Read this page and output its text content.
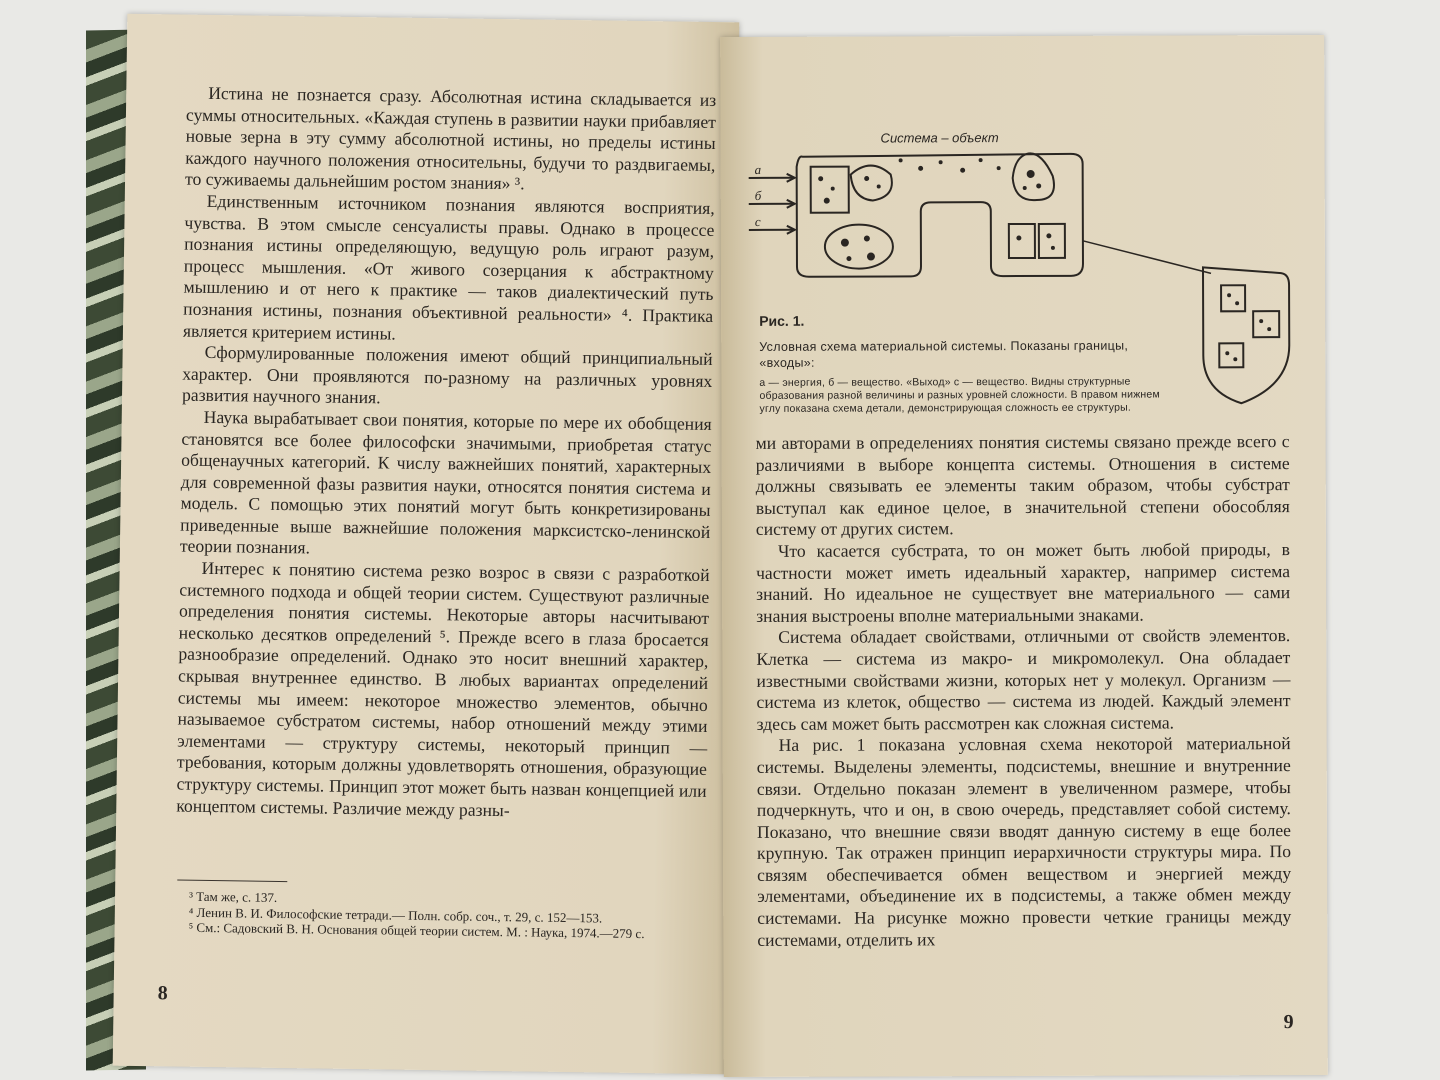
Истина не познается сразу. Абсолютная истина складывается из суммы относительных. «Каждая ступень в развитии науки прибавляет новые зерна в эту сумму абсолютной истины, но пределы истины каждого научного положения относительны, будучи то раздвигаемы, то суживаемы дальнейшим ростом знания» ³.

Единственным источником познания являются восприятия, чувства. В этом смысле сенсуалисты правы. Однако в процессе познания истины определяющую, ведущую роль играют разум, процесс мышления. «От живого созерцания к абстрактному мышлению и от него к практике — таков диалектический путь познания истины, познания объективной реальности» ⁴. Практика является критерием истины.

Сформулированные положения имеют общий принципиальный характер. Они проявляются по-разному на различных уровнях развития научного знания.

Наука вырабатывает свои понятия, которые по мере их обобщения становятся все более философски значимыми, приобретая статус общенаучных категорий. К числу важнейших понятий, характерных для современной фазы развития науки, относятся понятия система и модель. С помощью этих понятий могут быть конкретизированы приведенные выше важнейшие положения марксистско-ленинской теории познания.

Интерес к понятию система резко возрос в связи с разработкой системного подхода и общей теории систем. Существуют различные определения понятия системы. Некоторые авторы насчитывают несколько десятков определений ⁵. Прежде всего в глаза бросается разнообразие определений. Однако это носит внешний характер, скрывая внутреннее единство. В любых вариантах определений системы мы имеем: некоторое множество элементов, обычно называемое субстратом системы, набор отношений между этими элементами — структуру системы, некоторый принцип — требования, которым должны удовлетворять отношения, образующие структуру системы. Принцип этот может быть назван концепцией или концептом системы. Различие между разны-

³ Там же, с. 137.

⁴ Ленин В. И. Философские тетради.— Полн. собр. соч., т. 29, с. 152—153.

⁵ См.: Садовский В. Н. Основания общей теории систем. М. : Наука, 1974.—279 с.

8
Система – объект
а
б
с
Рис. 1.
Условная схема материальной системы. Показаны границы, «входы»:
а — энергия, б — вещество. «Выход» с — вещество. Видны структурные образования разной величины и разных уровней сложности. В правом нижнем углу показана схема детали, демонстрирующая сложность ее структуры.

ми авторами в определениях понятия системы связано прежде всего с различиями в выборе концепта системы. Отношения в системе должны связывать ее элементы таким образом, чтобы субстрат выступал как единое целое, в значительной степени обособляя систему от других систем.

Что касается субстрата, то он может быть любой природы, в частности может иметь идеальный характер, например система знаний. Но идеальное не существует вне материального — сами знания выстроены вполне материальными знаками.

Система обладает свойствами, отличными от свойств элементов. Клетка — система из макро- и микромолекул. Она обладает известными свойствами жизни, которых нет у молекул. Организм — система из клеток, общество — система из людей. Каждый элемент здесь сам может быть рассмотрен как сложная система.

На рис. 1 показана условная схема некоторой материальной системы. Выделены элементы, подсистемы, внешние и внутренние связи. Отдельно показан элемент в увеличенном размере, чтобы подчеркнуть, что и он, в свою очередь, представляет собой систему. Показано, что внешние связи вводят данную систему в еще более крупную. Так отражен принцип иерархичности структуры мира. По связям обеспечивается обмен веществом и энергией между элементами, объединение их в подсистемы, а также обмен между системами. На рисунке можно провести четкие границы между системами, отделить их

9
